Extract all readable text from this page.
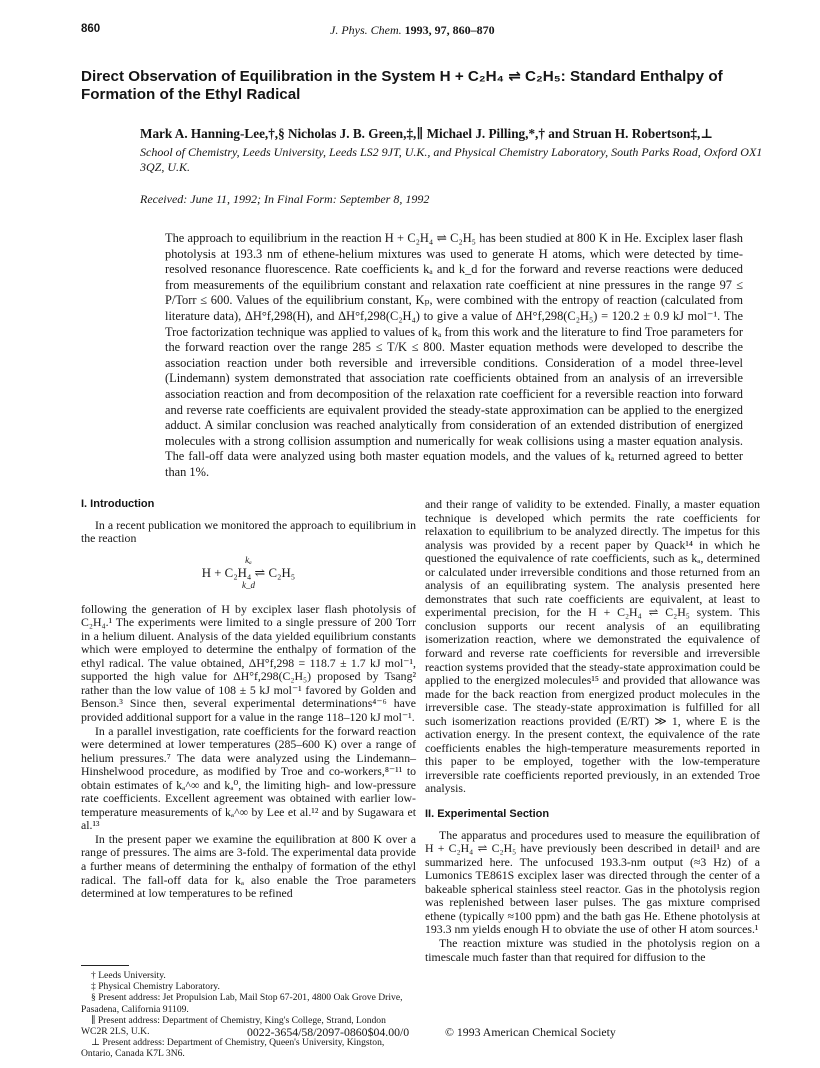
860	J. Phys. Chem. 1993, 97, 860–870
Direct Observation of Equilibration in the System H + C₂H₄ ⇌ C₂H₅: Standard Enthalpy of Formation of the Ethyl Radical
Mark A. Hanning-Lee,†,§ Nicholas J. B. Green,‡,∥ Michael J. Pilling,*,† and Struan H. Robertson‡,⊥
School of Chemistry, Leeds University, Leeds LS2 9JT, U.K., and Physical Chemistry Laboratory, South Parks Road, Oxford OX1 3QZ, U.K.
Received: June 11, 1992; In Final Form: September 8, 1992
The approach to equilibrium in the reaction H + C₂H₄ ⇌ C₂H₅ has been studied at 800 K in He. Exciplex laser flash photolysis at 193.3 nm of ethene-helium mixtures was used to generate H atoms, which were detected by time-resolved resonance fluorescence. Rate coefficients kₐ and k_d for the forward and reverse reactions were deduced from measurements of the equilibrium constant and relaxation rate coefficient at nine pressures in the range 97 ≤ P/Torr ≤ 600. Values of the equilibrium constant, Kₚ, were combined with the entropy of reaction (calculated from literature data), ΔH°f,298(H), and ΔH°f,298(C₂H₄) to give a value of ΔH°f,298(C₂H₅) = 120.2 ± 0.9 kJ mol⁻¹. The Troe factorization technique was applied to values of kₐ from this work and the literature to find Troe parameters for the forward reaction over the range 285 ≤ T/K ≤ 800. Master equation methods were developed to describe the association reaction under both reversible and irreversible conditions. Consideration of a model three-level (Lindemann) system demonstrated that association rate coefficients obtained from an analysis of an irreversible association reaction and from decomposition of the relaxation rate coefficient for a reversible reaction into forward and reverse rate coefficients are equivalent provided the steady-state approximation can be applied to the energized adduct. A similar conclusion was reached analytically from consideration of an extended distribution of energized molecules with a strong collision assumption and numerically for weak collisions using a master equation analysis. The fall-off data were analyzed using both master equation models, and the values of kₐ returned agreed to better than 1%.
I. Introduction

In a recent publication we monitored the approach to equilibrium in the reaction

kₐ
H + C₂H₄ ⇌ C₂H₅
k_d

following the generation of H by exciplex laser flash photolysis of C₂H₄.¹ The experiments were limited to a single pressure of 200 Torr in a helium diluent. Analysis of the data yielded equilibrium constants which were employed to determine the enthalpy of formation of the ethyl radical. The value obtained, ΔH°f,298 = 118.7 ± 1.7 kJ mol⁻¹, supported the high value for ΔH°f,298(C₂H₅) proposed by Tsang² rather than the low value of 108 ± 5 kJ mol⁻¹ favored by Golden and Benson.³ Since then, several experimental determinations⁴⁻⁶ have provided additional support for a value in the range 118–120 kJ mol⁻¹.

In a parallel investigation, rate coefficients for the forward reaction were determined at lower temperatures (285–600 K) over a range of helium pressures.⁷ The data were analyzed using the Lindemann–Hinshelwood procedure, as modified by Troe and co-workers,⁸⁻¹¹ to obtain estimates of kₐ^∞ and kₐ⁰, the limiting high- and low-pressure rate coefficients. Excellent agreement was obtained with earlier low-temperature measurements of kₐ^∞ by Lee et al.¹² and by Sugawara et al.¹³

In the present paper we examine the equilibration at 800 K over a range of pressures. The aims are 3-fold. The experimental data provide a further means of determining the enthalpy of formation of the ethyl radical. The fall-off data for kₐ also enable the Troe parameters determined at low temperatures to be refined

and their range of validity to be extended. Finally, a master equation technique is developed which permits the rate coefficients for relaxation to equilibrium to be analyzed directly. The impetus for this analysis was provided by a recent paper by Quack¹⁴ in which he questioned the equivalence of rate coefficients, such as kₐ, determined or calculated under irreversible conditions and those returned from an analysis of an equilibrating system. The analysis presented here demonstrates that such rate coefficients are equivalent, at least to experimental precision, for the H + C₂H₄ ⇌ C₂H₅ system. This conclusion supports our recent analysis of an equilibrating isomerization reaction, where we demonstrated the equivalence of forward and reverse rate coefficients for reversible and irreversible reaction systems provided that the steady-state approximation could be applied to the energized molecules¹⁵ and provided that allowance was made for the back reaction from energized product molecules in the irreversible case. The steady-state approximation is fulfilled for all such isomerization reactions provided (E/RT) ≫ 1, where E is the activation energy. In the present context, the equivalence of the rate coefficients enables the high-temperature measurements reported in this paper to be employed, together with the low-temperature irreversible rate coefficients reported previously, in an extended Troe analysis.

II. Experimental Section

The apparatus and procedures used to measure the equilibration of H + C₂H₄ ⇌ C₂H₅ have previously been described in detail¹ and are summarized here. The unfocused 193.3-nm output (≈3 Hz) of a Lumonics TE861S exciplex laser was directed through the center of a bakeable spherical stainless steel reactor. Gas in the photolysis region was replenished between laser pulses. The gas mixture comprised ethene (typically ≈100 ppm) and the bath gas He. Ethene photolysis at 193.3 nm yields enough H to obviate the use of other H atom sources.¹

The reaction mixture was studied in the photolysis region on a timescale much faster than that required for diffusion to the

† Leeds University.
‡ Physical Chemistry Laboratory.
§ Present address: Jet Propulsion Lab, Mail Stop 67-201, 4800 Oak Grove Drive, Pasadena, California 91109.
∥ Present address: Department of Chemistry, King's College, Strand, London WC2R 2LS, U.K.
⊥ Present address: Department of Chemistry, Queen's University, Kingston, Ontario, Canada K7L 3N6.
0022-3654/58/2097-0860$04.00/0	© 1993 American Chemical Society
